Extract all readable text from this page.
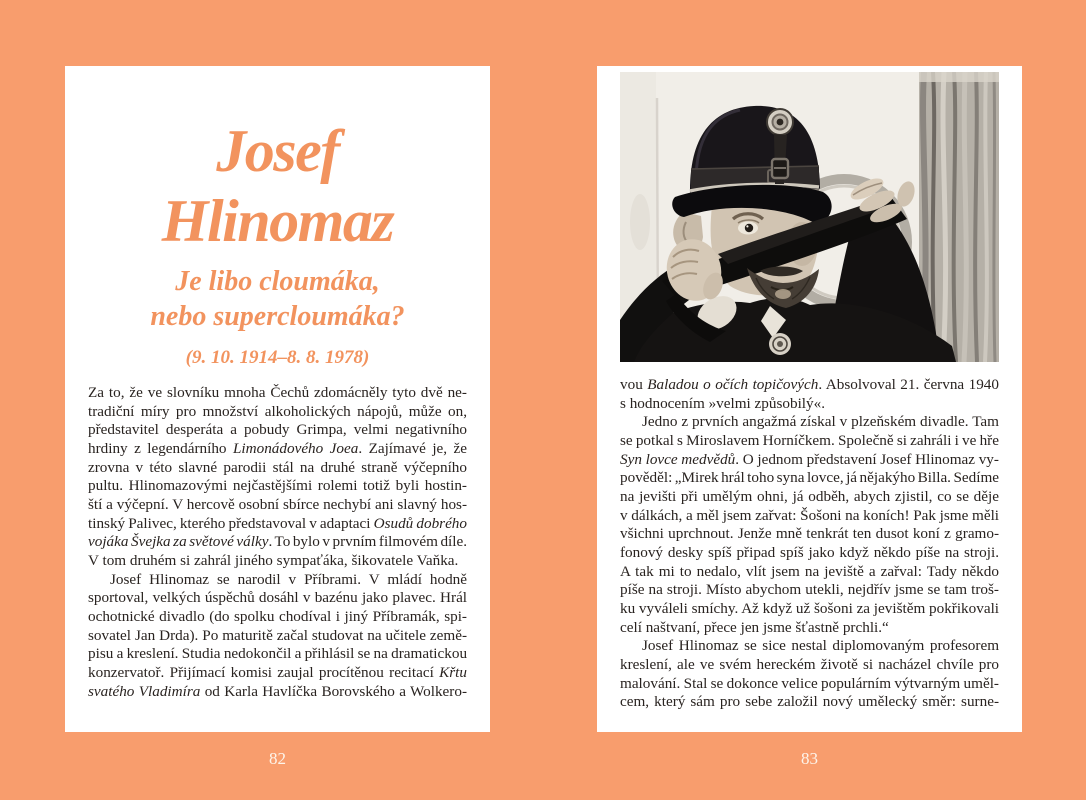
Josef
Hlinomaz
Je libo cloumáka,
nebo supercloumáka?
(9. 10. 1914–8. 8. 1978)
Za to, že ve slovníku mnoha Čechů zdomácněly tyto dvě ne-
tradiční míry pro množství alkoholických nápojů, může on,
představitel desperáta a pobudy Grimpa, velmi negativního
hrdiny z legendárního Limonádového Joea. Zajímavé je, že
zrovna v této slavné parodii stál na druhé straně výčepního
pultu. Hlinomazovými nejčastějšími rolemi totiž byli hostin-
ští a výčepní. V hercově osobní sbírce nechybí ani slavný hos-
tinský Palivec, kterého představoval v adaptaci Osudů dobrého
vojáka Švejka za světové války. To bylo v prvním filmovém díle.
V tom druhém si zahrál jiného sympaťáka, šikovatele Vaňka.
Josef Hlinomaz se narodil v Příbrami. V mládí hodně
sportoval, velkých úspěchů dosáhl v bazénu jako plavec. Hrál
ochotnické divadlo (do spolku chodíval i jiný Příbramák, spi-
sovatel Jan Drda). Po maturitě začal studovat na učitele země-
pisu a kreslení. Studia nedokončil a přihlásil se na dramatickou
konzervatoř. Přijímací komisi zaujal procítěnou recitací Křtu
svatého Vladimíra od Karla Havlíčka Borovského a Wolkero-
vou Baladou o očích topičových. Absolvoval 21. června 1940
s hodnocením »velmi způsobilý«.
Jedno z prvních angažmá získal v plzeňském divadle. Tam
se potkal s Miroslavem Horníčkem. Společně si zahráli i ve hře
Syn lovce medvědů. O jednom představení Josef Hlinomaz vy-
pověděl: „Mirek hrál toho syna lovce, já nějakýho Billa. Sedíme
na jevišti při umělým ohni, já odběh, abych zjistil, co se děje
v dálkách, a měl jsem zařvat: Šošoni na koních! Pak jsme měli
všichni uprchnout. Jenže mně tenkrát ten dusot koní z gramo-
fonový desky spíš připad spíš jako když někdo píše na stroji.
A tak mi to nedalo, vlít jsem na jeviště a zařval: Tady někdo
píše na stroji. Místo abychom utekli, nejdřív jsme se tam troš-
ku vyváleli smíchy. Až když už šošoni za jevištěm pokřikovali
celí naštvaní, přece jen jsme šťastně prchli.“
Josef Hlinomaz se sice nestal diplomovaným profesorem
kreslení, ale ve svém hereckém životě si nacházel chvíle pro
malování. Stal se dokonce velice populárním výtvarným uměl-
cem, který sám pro sebe založil nový umělecký směr: surne-
82	83
